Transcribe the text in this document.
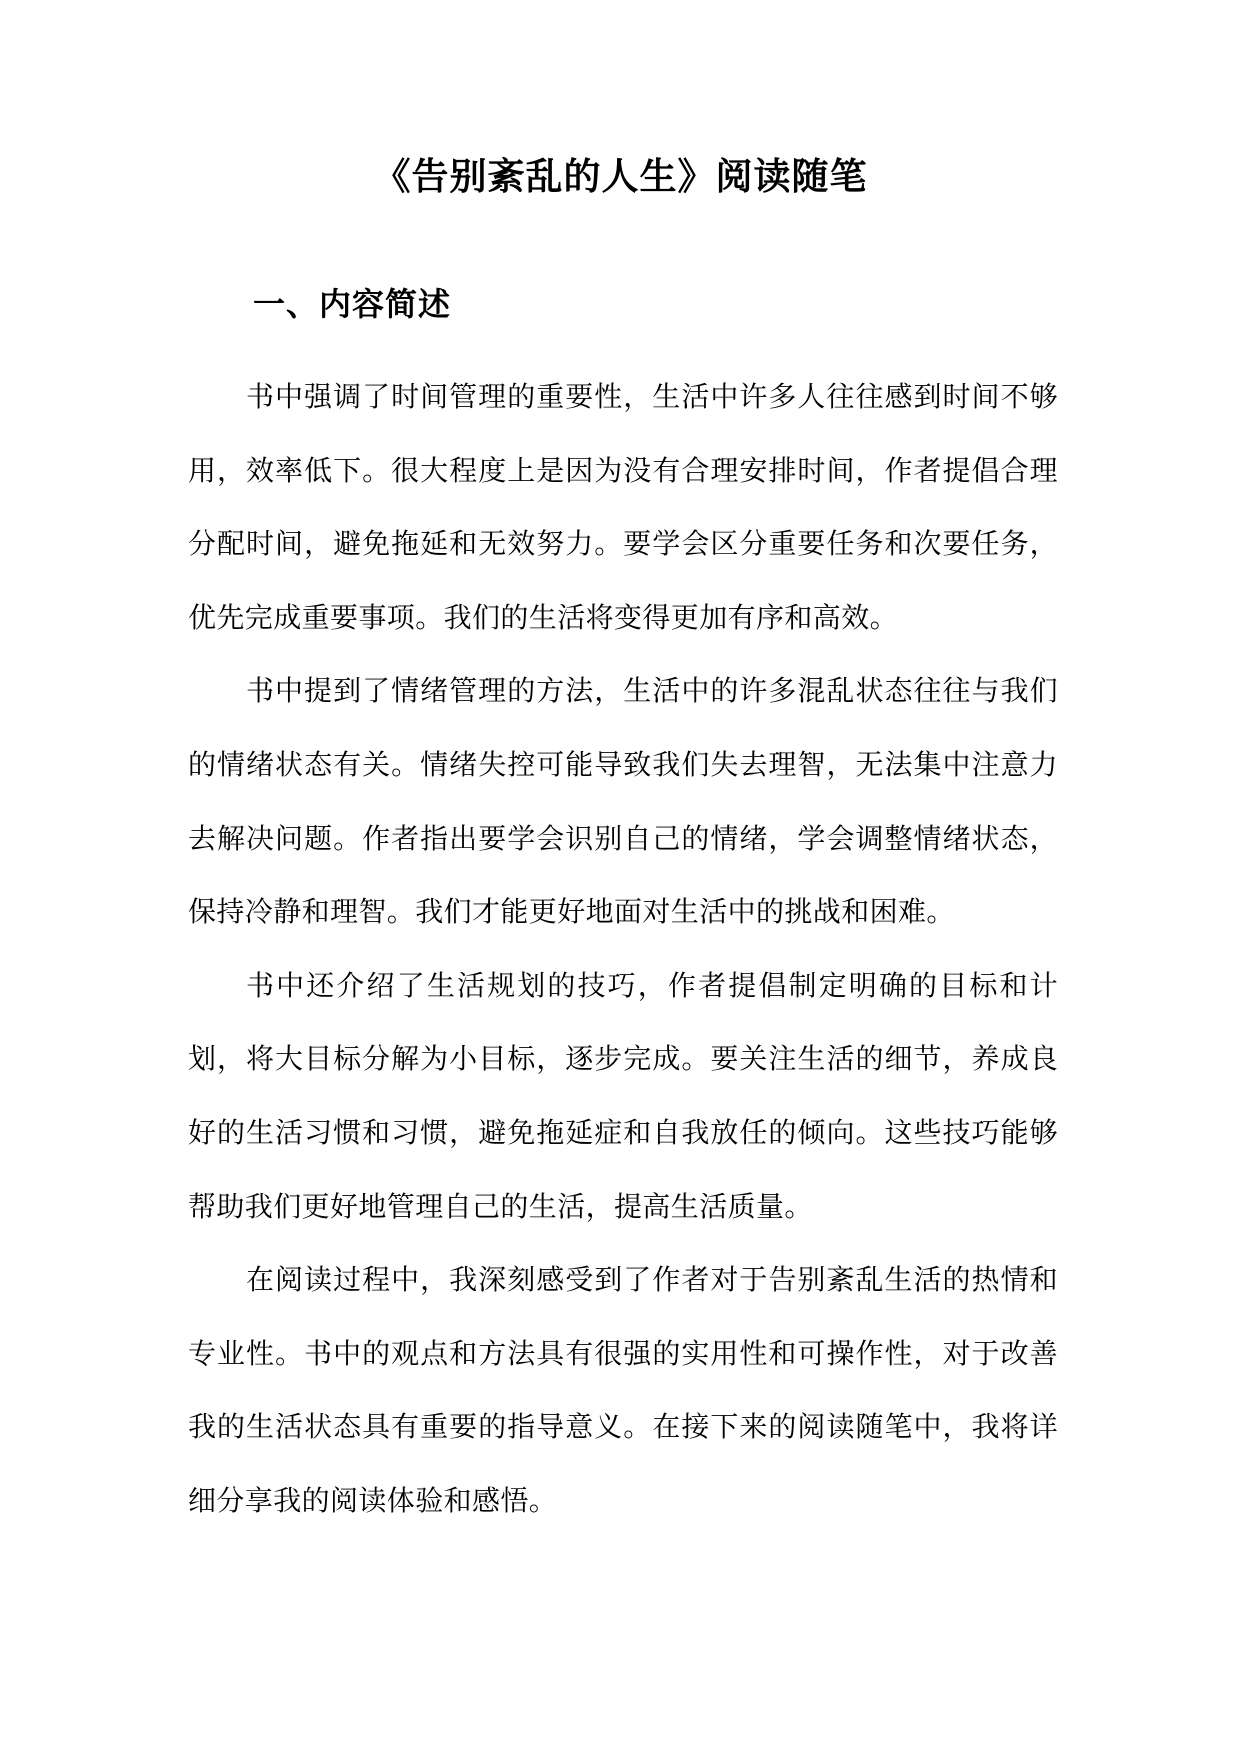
《告别紊乱的人生》阅读随笔
一、内容简述

书中强调了时间管理的重要性，生活中许多人往往感到时间不够用，效率低下。很大程度上是因为没有合理安排时间，作者提倡合理分配时间，避免拖延和无效努力。要学会区分重要任务和次要任务，优先完成重要事项。我们的生活将变得更加有序和高效。

书中提到了情绪管理的方法，生活中的许多混乱状态往往与我们的情绪状态有关。情绪失控可能导致我们失去理智，无法集中注意力去解决问题。作者指出要学会识别自己的情绪，学会调整情绪状态，保持冷静和理智。我们才能更好地面对生活中的挑战和困难。

书中还介绍了生活规划的技巧，作者提倡制定明确的目标和计划，将大目标分解为小目标，逐步完成。要关注生活的细节，养成良好的生活习惯和习惯，避免拖延症和自我放任的倾向。这些技巧能够帮助我们更好地管理自己的生活，提高生活质量。

在阅读过程中，我深刻感受到了作者对于告别紊乱生活的热情和专业性。书中的观点和方法具有很强的实用性和可操作性，对于改善我的生活状态具有重要的指导意义。在接下来的阅读随笔中，我将详细分享我的阅读体验和感悟。
